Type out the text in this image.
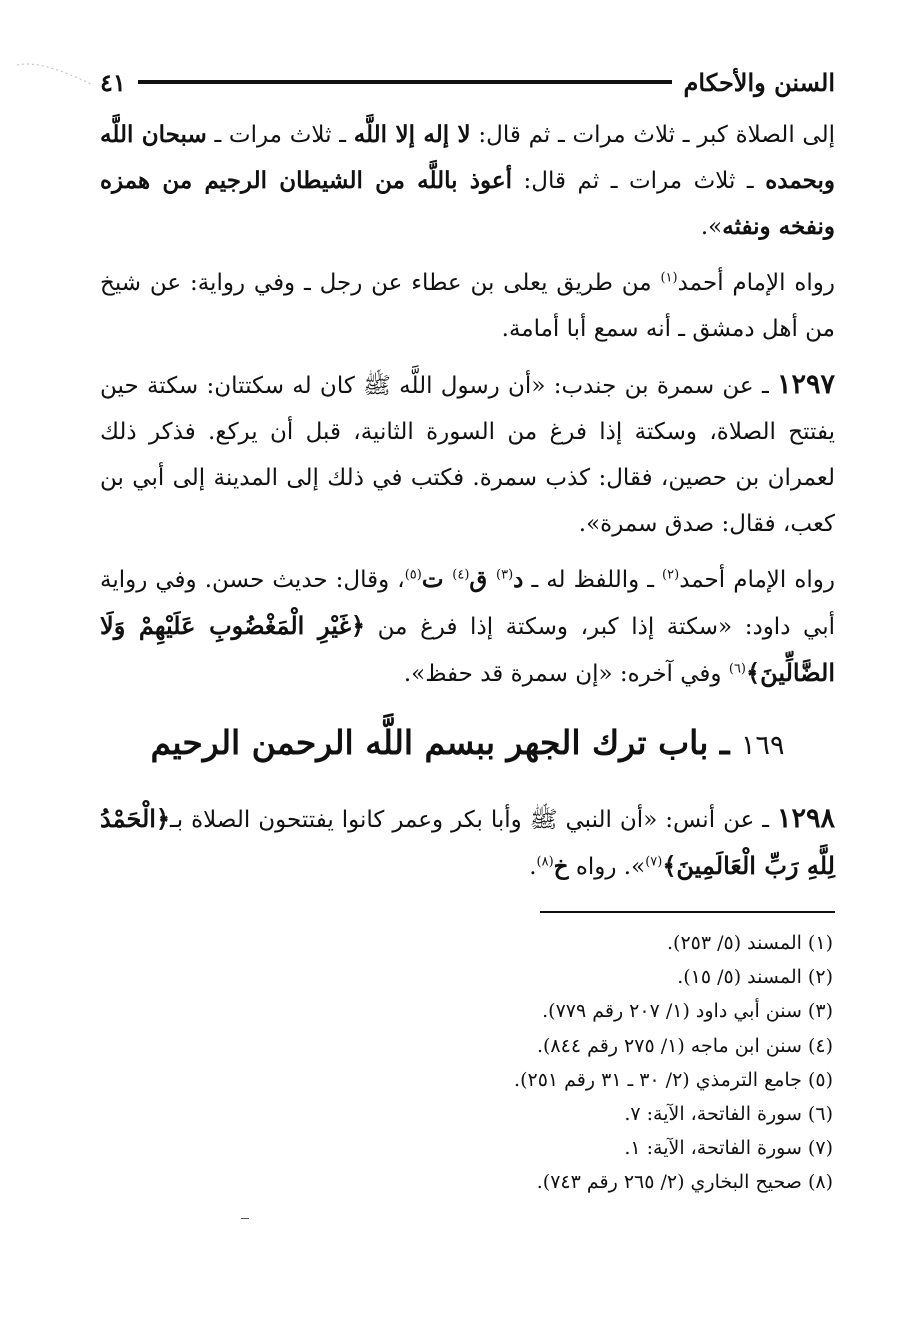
السنن والأحكام
٤١

إلى الصلاة كبر ـ ثلاث مرات ـ ثم قال: لا إله إلا اللَّه ـ ثلاث مرات ـ سبحان اللَّه وبحمده ـ ثلاث مرات ـ ثم قال: أعوذ باللَّه من الشيطان الرجيم من همزه ونفخه ونفثه».

رواه الإمام أحمد$^{(١)}$ من طريق يعلى بن عطاء عن رجل ـ وفي رواية: عن شيخ من أهل دمشق ـ أنه سمع أبا أمامة.

١٢٩٧ ـ عن سمرة بن جندب: «أن رسول اللَّه ﷺ كان له سكتتان: سكتة حين يفتتح الصلاة، وسكتة إذا فرغ من السورة الثانية، قبل أن يركع. فذكر ذلك لعمران بن حصين، فقال: كذب سمرة. فكتب في ذلك إلى المدينة إلى أبي بن كعب، فقال: صدق سمرة».

رواه الإمام أحمد$^{(٢)}$ ـ واللفظ له ـ د$^{(٣)}$ ق$^{(٤)}$ ت$^{(٥)}$، وقال: حديث حسن. وفي رواية أبي داود: «سكتة إذا كبر، وسكتة إذا فرغ من ﴿غَيْرِ الْمَغْضُوبِ عَلَيْهِمْ وَلَا الضَّالِّينَ﴾$^{(٦)}$ وفي آخره: «إن سمرة قد حفظ».

١٦٩ ـ باب ترك الجهر ببسم اللَّه الرحمن الرحيم

١٢٩٨ ـ عن أنس: «أن النبي ﷺ وأبا بكر وعمر كانوا يفتتحون الصلاة بـ﴿الْحَمْدُ لِلَّهِ رَبِّ الْعَالَمِينَ﴾$^{(٧)}$». رواه خ$^{(٨)}$.

(١) المسند (٥/ ٢٥٣).
(٢) المسند (٥/ ١٥).
(٣) سنن أبي داود (١/ ٢٠٧ رقم ٧٧٩).
(٤) سنن ابن ماجه (١/ ٢٧٥ رقم ٨٤٤).
(٥) جامع الترمذي (٢/ ٣٠ ـ ٣١ رقم ٢٥١).
(٦) سورة الفاتحة، الآية: ٧.
(٧) سورة الفاتحة، الآية: ١.
(٨) صحيح البخاري (٢/ ٢٦٥ رقم ٧٤٣).
